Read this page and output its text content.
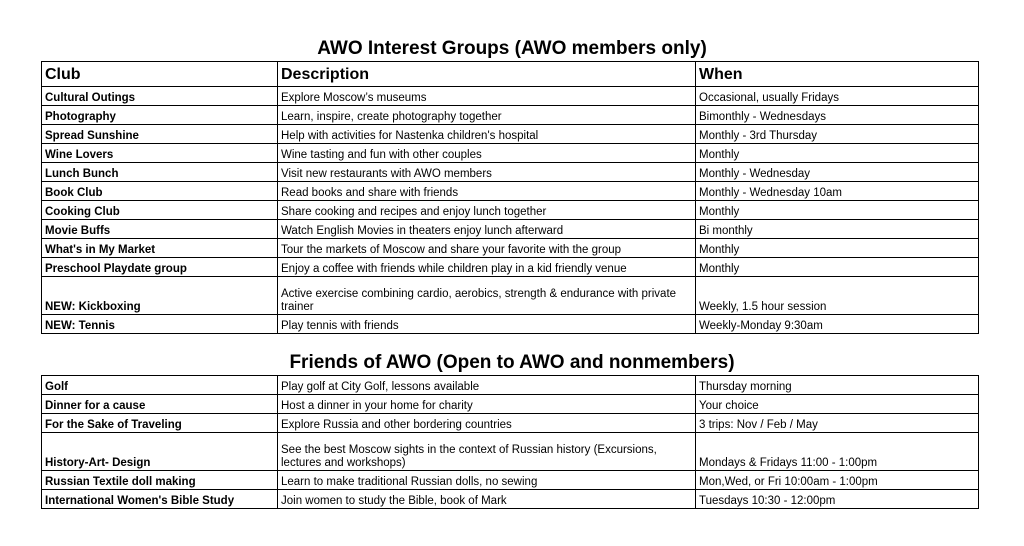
AWO Interest Groups (AWO members only)
Club	Description	When
Cultural Outings	Explore Moscow’s museums	Occasional, usually Fridays
Photography	Learn, inspire, create photography together	Bimonthly - Wednesdays
Spread Sunshine	Help with activities for Nastenka children's hospital	Monthly - 3rd Thursday
Wine Lovers	Wine tasting and fun with other couples	Monthly
Lunch Bunch	Visit new restaurants with AWO members	Monthly - Wednesday
Book Club	Read books and share with friends	Monthly - Wednesday 10am
Cooking Club	Share cooking and recipes and enjoy lunch together	Monthly
Movie Buffs	Watch English Movies in theaters enjoy lunch afterward	Bi monthly
What's in My Market	Tour the markets of Moscow and share your favorite with the group	Monthly
Preschool Playdate group	Enjoy a coffee with friends while children play in a kid friendly venue	Monthly
NEW: Kickboxing	Active exercise combining cardio, aerobics, strength & endurance with private trainer	Weekly, 1.5 hour session
NEW: Tennis	Play tennis with friends	Weekly-Monday 9:30am
Friends of AWO (Open to AWO and nonmembers)
Golf	Play golf at City Golf, lessons available	Thursday morning
Dinner for a cause	Host a dinner in your home for charity	Your choice
For the Sake of Traveling	Explore Russia and other bordering countries	3 trips: Nov / Feb / May
History-Art- Design	See the best Moscow sights in the context of Russian history (Excursions, lectures and workshops)	Mondays & Fridays 11:00 - 1:00pm
Russian Textile doll making	Learn to make traditional Russian dolls, no sewing	Mon,Wed, or Fri 10:00am - 1:00pm
International Women's Bible Study	Join women to study the Bible, book of Mark	Tuesdays 10:30 - 12:00pm
